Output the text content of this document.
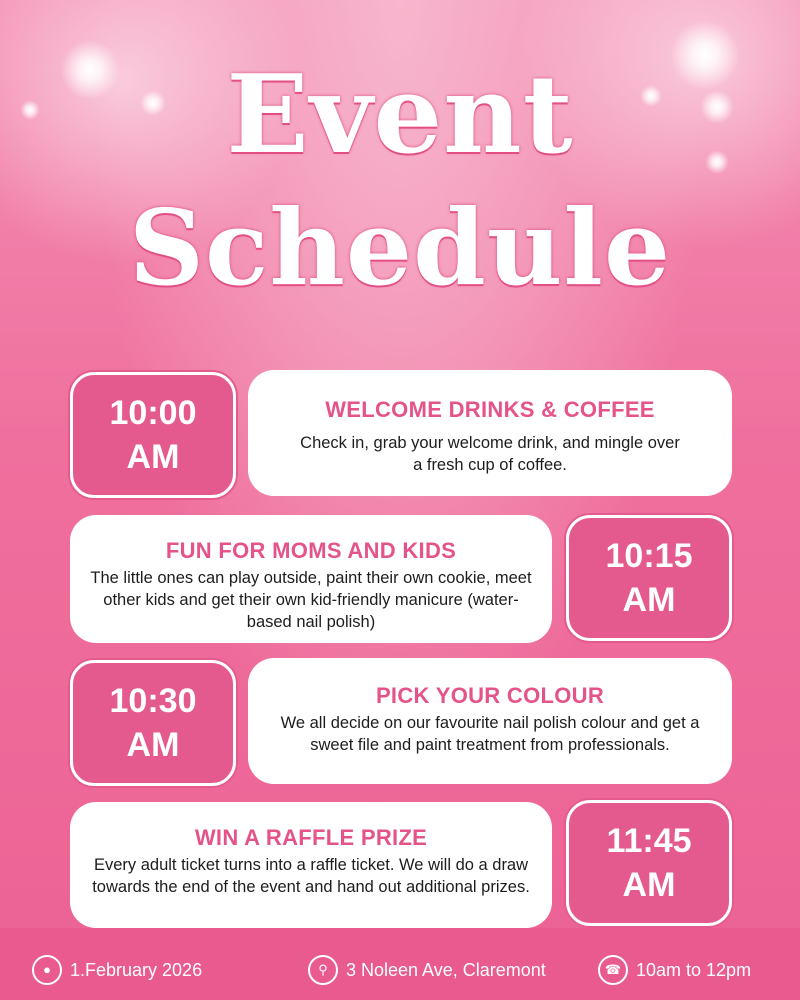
Event
Schedule
10:00
AM
WELCOME DRINKS & COFFEE
Check in, grab your welcome drink, and mingle over a fresh cup of coffee.
FUN FOR MOMS AND KIDS
The little ones can play outside, paint their own cookie, meet other kids and get their own kid-friendly manicure (water-based nail polish)
10:15
AM
10:30
AM
PICK YOUR COLOUR
We all decide on our favourite nail polish colour and get a sweet file and paint treatment from professionals.
WIN A RAFFLE PRIZE
Every adult ticket turns into a raffle ticket. We will do a draw towards the end of the event and hand out additional prizes.
11:45
AM
●	1.February 2026	⚲	3 Noleen Ave, Claremont	☎ 10am to 12pm
